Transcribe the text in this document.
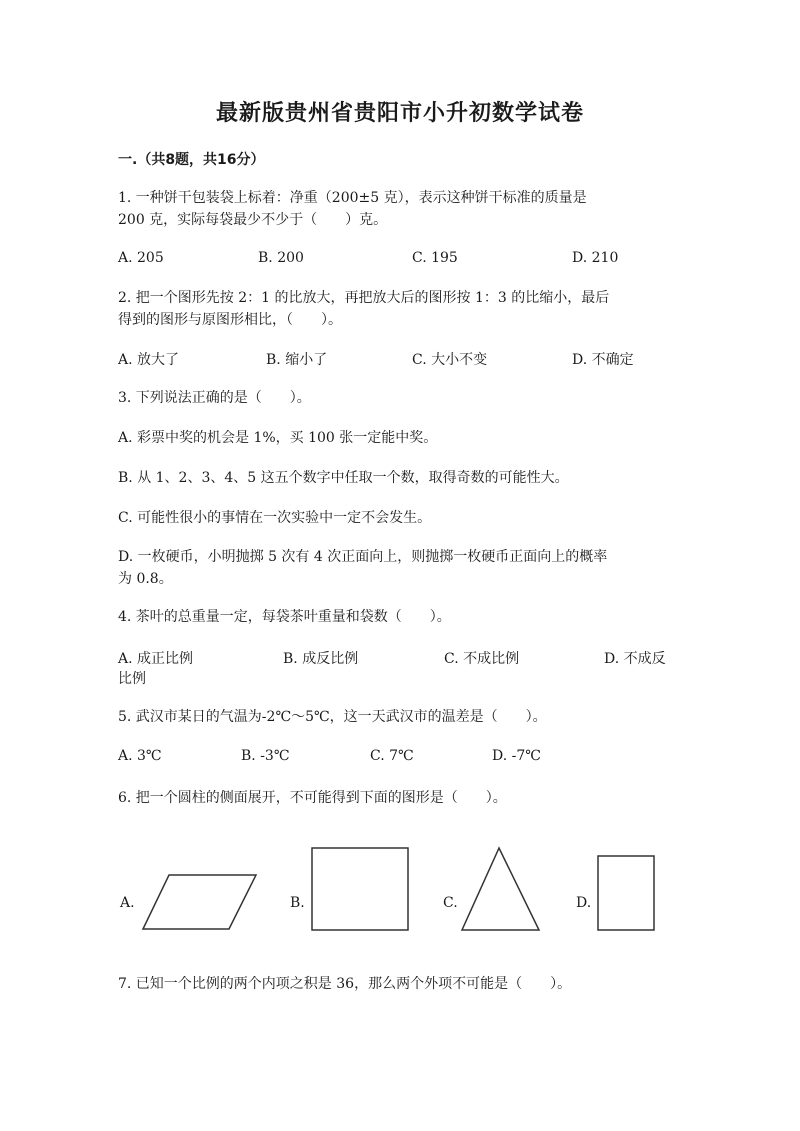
最新版贵州省贵阳市小升初数学试卷
一.（共8题，共16分）
1. 一种饼干包装袋上标着：净重（200±5 克），表示这种饼干标准的质量是
200 克，实际每袋最少不少于（　　）克。
A. 205	B. 200	C. 195	D. 210
2. 把一个图形先按 2：1 的比放大，再把放大后的图形按 1：3 的比缩小，最后
得到的图形与原图形相比，（　　）。
A. 放大了	B. 缩小了	C. 大小不变	D. 不确定
3. 下列说法正确的是（　　）。
A. 彩票中奖的机会是 1%，买 100 张一定能中奖。
B. 从 1、2、3、4、5 这五个数字中任取一个数，取得奇数的可能性大。
C. 可能性很小的事情在一次实验中一定不会发生。
D. 一枚硬币，小明抛掷 5 次有 4 次正面向上，则抛掷一枚硬币正面向上的概率
为 0.8。
4. 茶叶的总重量一定，每袋茶叶重量和袋数（　　）。
A. 成正比例	B. 成反比例	C. 不成比例	D. 不成反
比例
5. 武汉市某日的气温为-2℃～5℃，这一天武汉市的温差是（　　）。
A. 3℃	B. -3℃	C. 7℃	D. -7℃
6. 把一个圆柱的侧面展开，不可能得到下面的图形是（　　）。
A.	B.	C.	D.
7. 已知一个比例的两个内项之积是 36，那么两个外项不可能是（　　）。
